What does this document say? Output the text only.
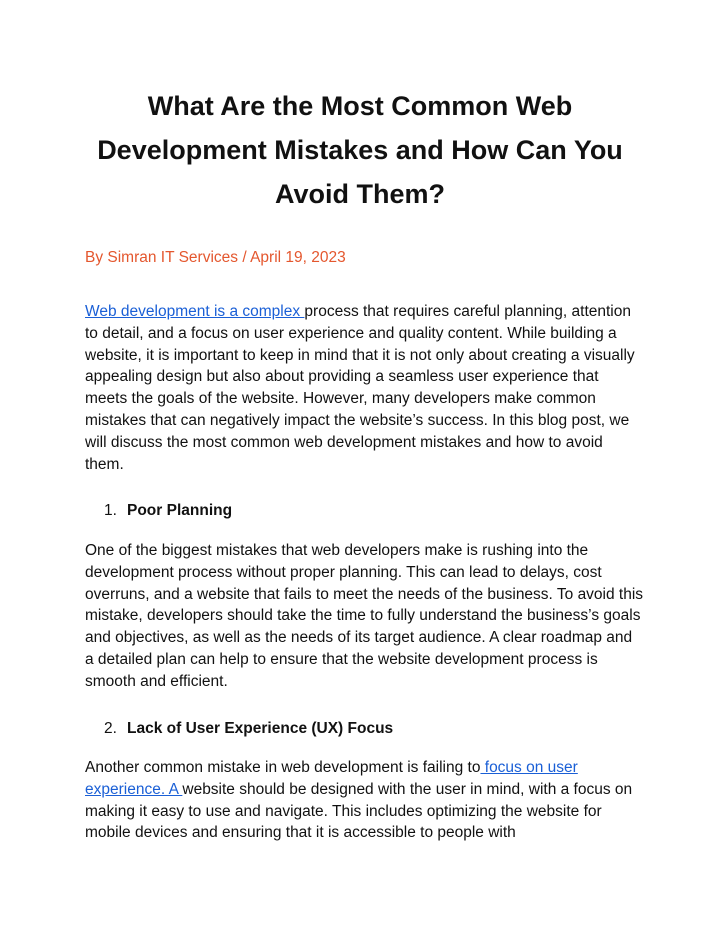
What Are the Most Common Web Development Mistakes and How Can You Avoid Them?

By Simran IT Services / April 19, 2023

Web development is a complex process that requires careful planning, attention to detail, and a focus on user experience and quality content. While building a website, it is important to keep in mind that it is not only about creating a visually appealing design but also about providing a seamless user experience that meets the goals of the website. However, many developers make common mistakes that can negatively impact the website’s success. In this blog post, we will discuss the most common web development mistakes and how to avoid them.

1. Poor Planning

One of the biggest mistakes that web developers make is rushing into the development process without proper planning. This can lead to delays, cost overruns, and a website that fails to meet the needs of the business. To avoid this mistake, developers should take the time to fully understand the business’s goals and objectives, as well as the needs of its target audience. A clear roadmap and a detailed plan can help to ensure that the website development process is smooth and efficient.

2. Lack of User Experience (UX) Focus

Another common mistake in web development is failing to focus on user experience. A website should be designed with the user in mind, with a focus on making it easy to use and navigate. This includes optimizing the website for mobile devices and ensuring that it is accessible to people with
